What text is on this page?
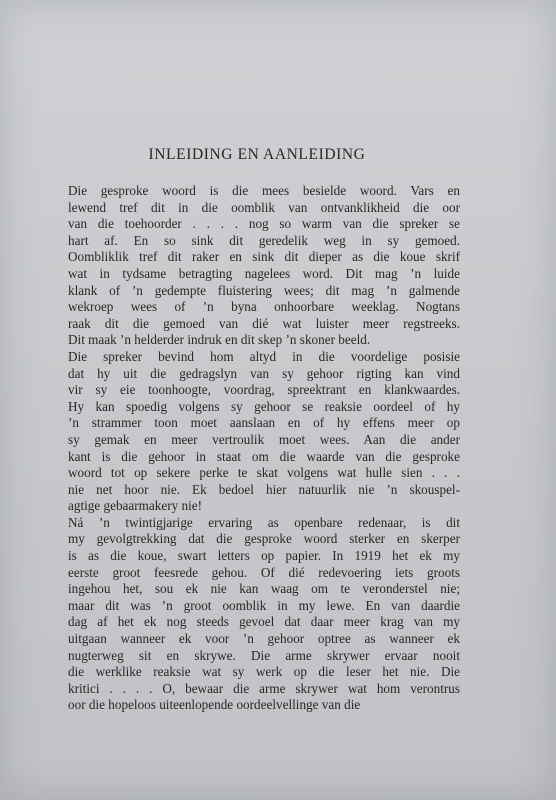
INLEIDING EN AANLEIDING
Die gesproke woord is die mees besielde woord. Vars en
lewend tref dit in die oomblik van ontvanklikheid die oor
van die toehoorder . . . . nog so warm van die spreker se
hart af. En so sink dit geredelik weg in sy gemoed.
Oombliklik tref dit raker en sink dit dieper as die koue skrif
wat in tydsame betragting nagelees word. Dit mag ’n luide
klank of ’n gedempte fluistering wees; dit mag ’n galmende
wekroep wees of ’n byna onhoorbare weeklag. Nogtans
raak dit die gemoed van dié wat luister meer regstreeks.
Dit maak ’n helderder indruk en dit skep ’n skoner beeld.
Die spreker bevind hom altyd in die voordelige posisie
dat hy uit die gedragslyn van sy gehoor rigting kan vind
vir sy eie toonhoogte, voordrag, spreektrant en klankwaardes.
Hy kan spoedig volgens sy gehoor se reaksie oordeel of hy
’n strammer toon moet aanslaan en of hy effens meer op
sy gemak en meer vertroulik moet wees. Aan die ander
kant is die gehoor in staat om die waarde van die gesproke
woord tot op sekere perke te skat volgens wat hulle sien . . .
nie net hoor nie. Ek bedoel hier natuurlik nie ’n skouspel-
agtige gebaarmakery nie!
Ná ’n twintigjarige ervaring as openbare redenaar, is dit
my gevolgtrekking dat die gesproke woord sterker en skerper
is as die koue, swart letters op papier. In 1919 het ek my
eerste groot feesrede gehou. Of dié redevoering iets groots
ingehou het, sou ek nie kan waag om te veronderstel nie;
maar dit was ’n groot oomblik in my lewe. En van daardie
dag af het ek nog steeds gevoel dat daar meer krag van my
uitgaan wanneer ek voor ’n gehoor optree as wanneer ek
nugterweg sit en skrywe. Die arme skrywer ervaar nooit
die werklike reaksie wat sy werk op die leser het nie. Die
kritici . . . . O, bewaar die arme skrywer wat hom verontrus
oor die hopeloos uiteenlopende oordeelvellinge van die
